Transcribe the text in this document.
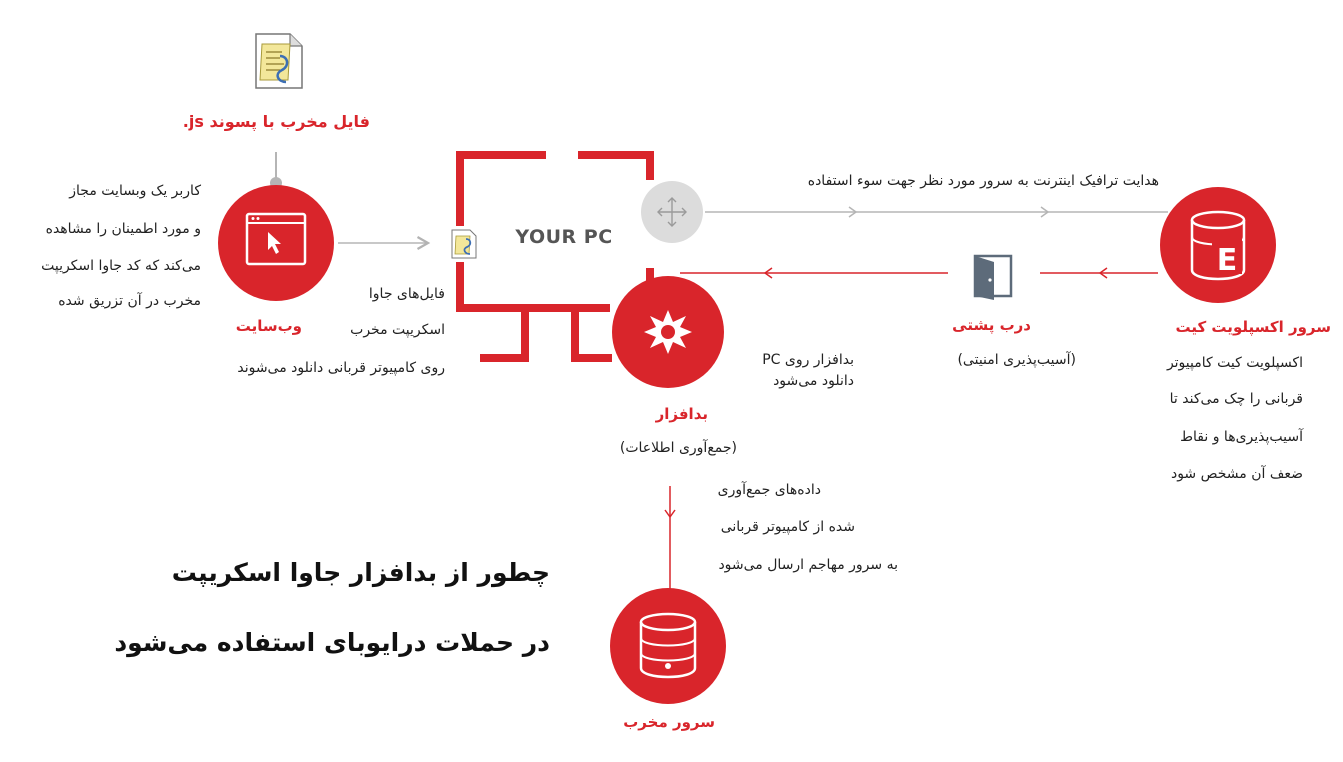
YOUR PC
E
فایل مخرب با پسوند js.
کاربر یک وبسایت مجاز
و مورد اطمینان را مشاهده
می‌کند که کد جاوا اسکریپت
مخرب در آن تزریق شده
وب‌سایت
فایل‌های جاوا
اسکریپت مخرب
روی کامپیوتر قربانی دانلود می‌شوند
هدایت ترافیک اینترنت به سرور مورد نظر جهت سوء استفاده
سرور اکسپلویت کیت
اکسپلویت کیت کامپیوتر
قربانی را چک می‌کند تا
آسیب‌پذیری‌ها و نقاط
ضعف آن مشخص شود
درب پشتی
(آسیب‌پذیری امنیتی)
بدافزار روی PC
دانلود می‌شود
بدافزار
(جمع‌آوری اطلاعات)
داده‌های جمع‌آوری
شده از کامپیوتر قربانی
به سرور مهاجم ارسال می‌شود
سرور مخرب
چطور از بدافزار جاوا اسکریپت
در حملات درایوبای استفاده می‌شود
